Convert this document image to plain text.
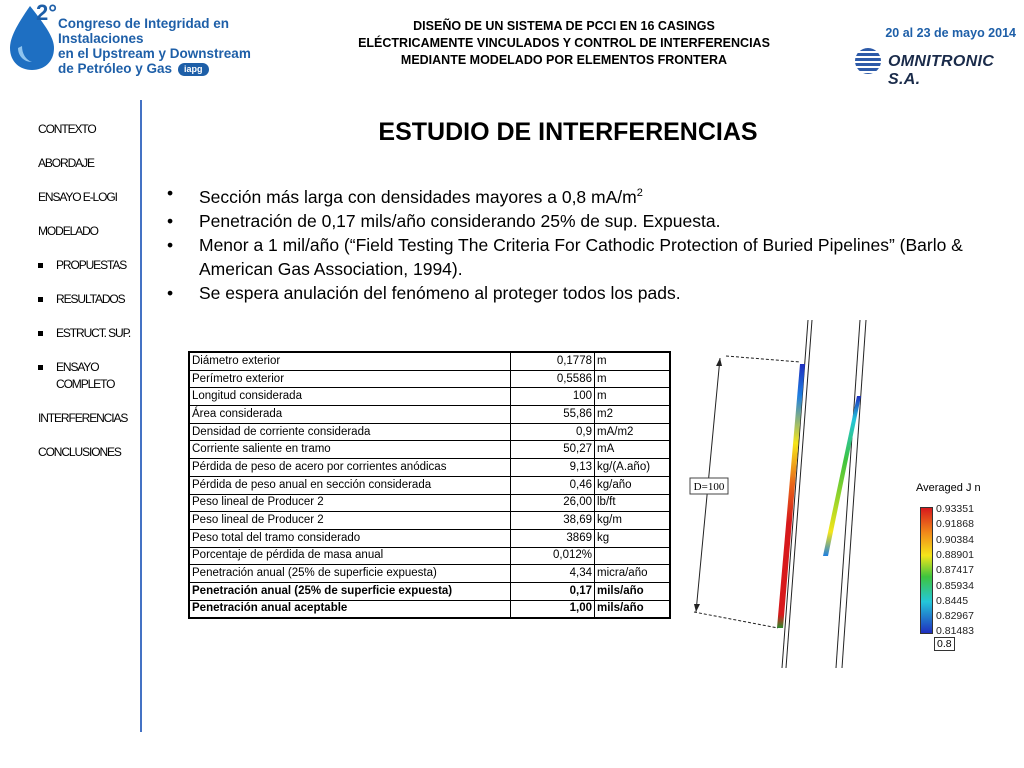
2° Congreso de Integridad en Instalaciones
en el Upstream y Downstream
de Petróleo y Gas iapg
DISEÑO DE UN SISTEMA DE PCCI EN 16 CASINGS
ELÉCTRICAMENTE VINCULADOS Y CONTROL DE INTERFERENCIAS
MEDIANTE MODELADO POR ELEMENTOS FRONTERA
20 al 23 de mayo 2014
OMNITRONIC S.A.
CONTEXTO
ABORDAJE
ENSAYO E-LOGI
MODELADO
PROPUESTAS
RESULTADOS
ESTRUCT. SUP.
ENSAYO COMPLETO
INTERFERENCIAS
CONCLUSIONES
ESTUDIO DE INTERFERENCIAS
• Sección más larga con densidades mayores a 0,8 $mA/m^2$
• Penetración de 0,17 mils/año considerando 25% de sup. Expuesta.
• Menor a 1 mil/año (“Field Testing The Criteria For Cathodic Protection of Buried Pipelines” (Barlo & American Gas Association, 1994).
• Se espera anulación del fenómeno al proteger todos los pads.
Diámetro exterior	0,1778	m
Perímetro exterior	0,5586	m
Longitud considerada	100	m
Área considerada	55,86	m2
Densidad de corriente considerada	0,9	mA/m2
Corriente saliente en tramo	50,27	mA
Pérdida de peso de acero por corrientes anódicas	9,13	kg/(A.año)
Pérdida de peso anual en sección considerada	0,46	kg/año
Peso lineal de Producer 2	26,00	lb/ft
Peso lineal de Producer 2	38,69	kg/m
Peso total del tramo considerado	3869	kg
Porcentaje de pérdida de masa anual	0,012%	
Penetración anual (25% de superficie expuesta)	4,34	micra/año
Penetración anual (25% de superficie expuesta)	0,17	mils/año
Penetración anual aceptable	1,00	mils/año
D=100	Averaged J n
0.93351
0.91868
0.90384
0.88901
0.87417
0.85934
0.8445
0.82967
0.81483
0.8
